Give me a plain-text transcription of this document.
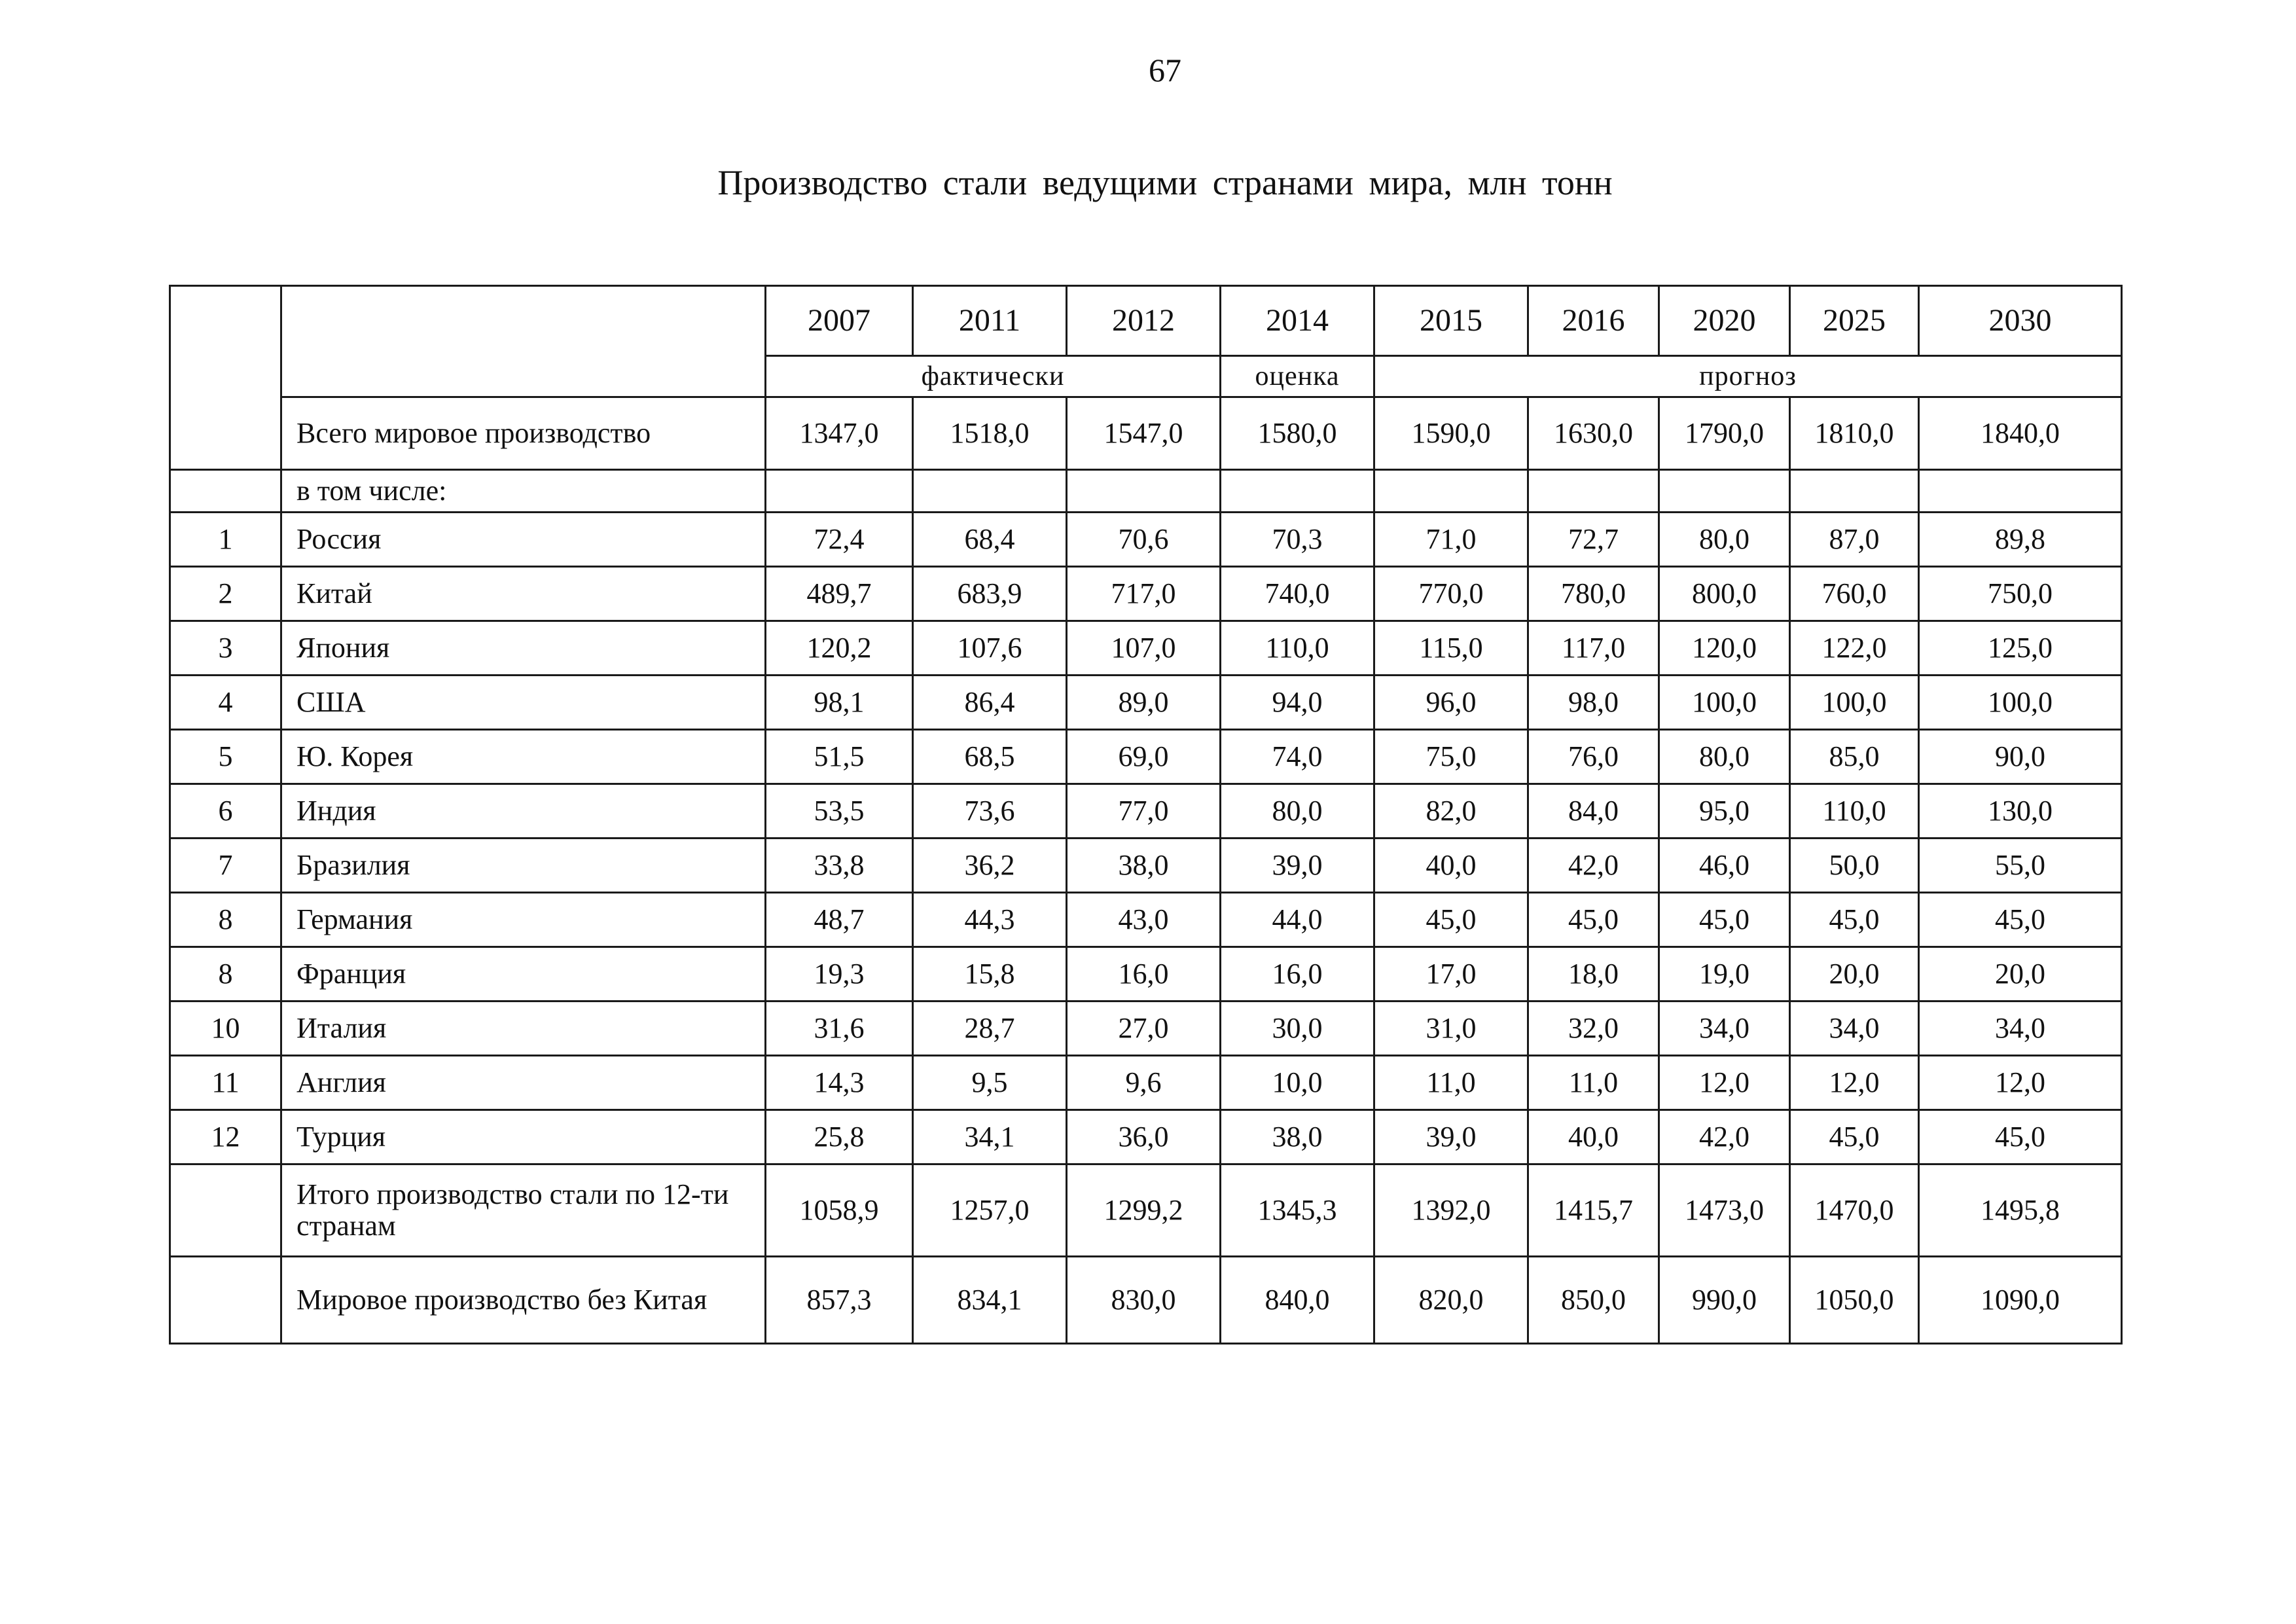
67
Производство стали ведущими странами мира, млн тонн
		2007	2011	2012	2014	2015	2016	2020	2025	2030
		фактически			оценка	прогноз				
	Всего мировое производство	1347,0	1518,0	1547,0	1580,0	1590,0	1630,0	1790,0	1810,0	1840,0
	в том числе:									
1	Россия	72,4	68,4	70,6	70,3	71,0	72,7	80,0	87,0	89,8
2	Китай	489,7	683,9	717,0	740,0	770,0	780,0	800,0	760,0	750,0
3	Япония	120,2	107,6	107,0	110,0	115,0	117,0	120,0	122,0	125,0
4	США	98,1	86,4	89,0	94,0	96,0	98,0	100,0	100,0	100,0
5	Ю. Корея	51,5	68,5	69,0	74,0	75,0	76,0	80,0	85,0	90,0
6	Индия	53,5	73,6	77,0	80,0	82,0	84,0	95,0	110,0	130,0
7	Бразилия	33,8	36,2	38,0	39,0	40,0	42,0	46,0	50,0	55,0
8	Германия	48,7	44,3	43,0	44,0	45,0	45,0	45,0	45,0	45,0
8	Франция	19,3	15,8	16,0	16,0	17,0	18,0	19,0	20,0	20,0
10	Италия	31,6	28,7	27,0	30,0	31,0	32,0	34,0	34,0	34,0
11	Англия	14,3	9,5	9,6	10,0	11,0	11,0	12,0	12,0	12,0
12	Турция	25,8	34,1	36,0	38,0	39,0	40,0	42,0	45,0	45,0
	Итого производство стали по 12-ти странам	1058,9	1257,0	1299,2	1345,3	1392,0	1415,7	1473,0	1470,0	1495,8
	Мировое производство без Китая	857,3	834,1	830,0	840,0	820,0	850,0	990,0	1050,0	1090,0
